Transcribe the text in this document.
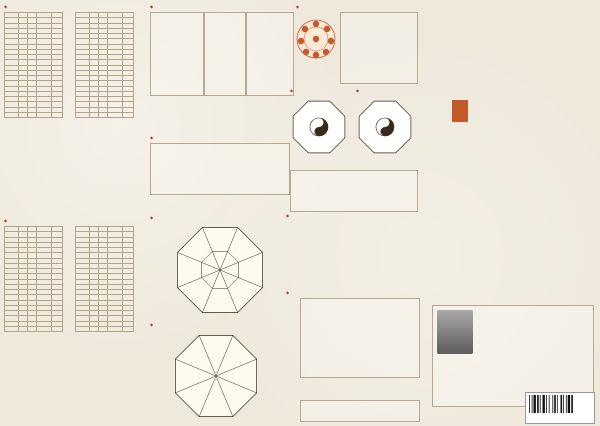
◆

◆

◆
◆
◆
◆
◆
◆
◆
◆
◆
